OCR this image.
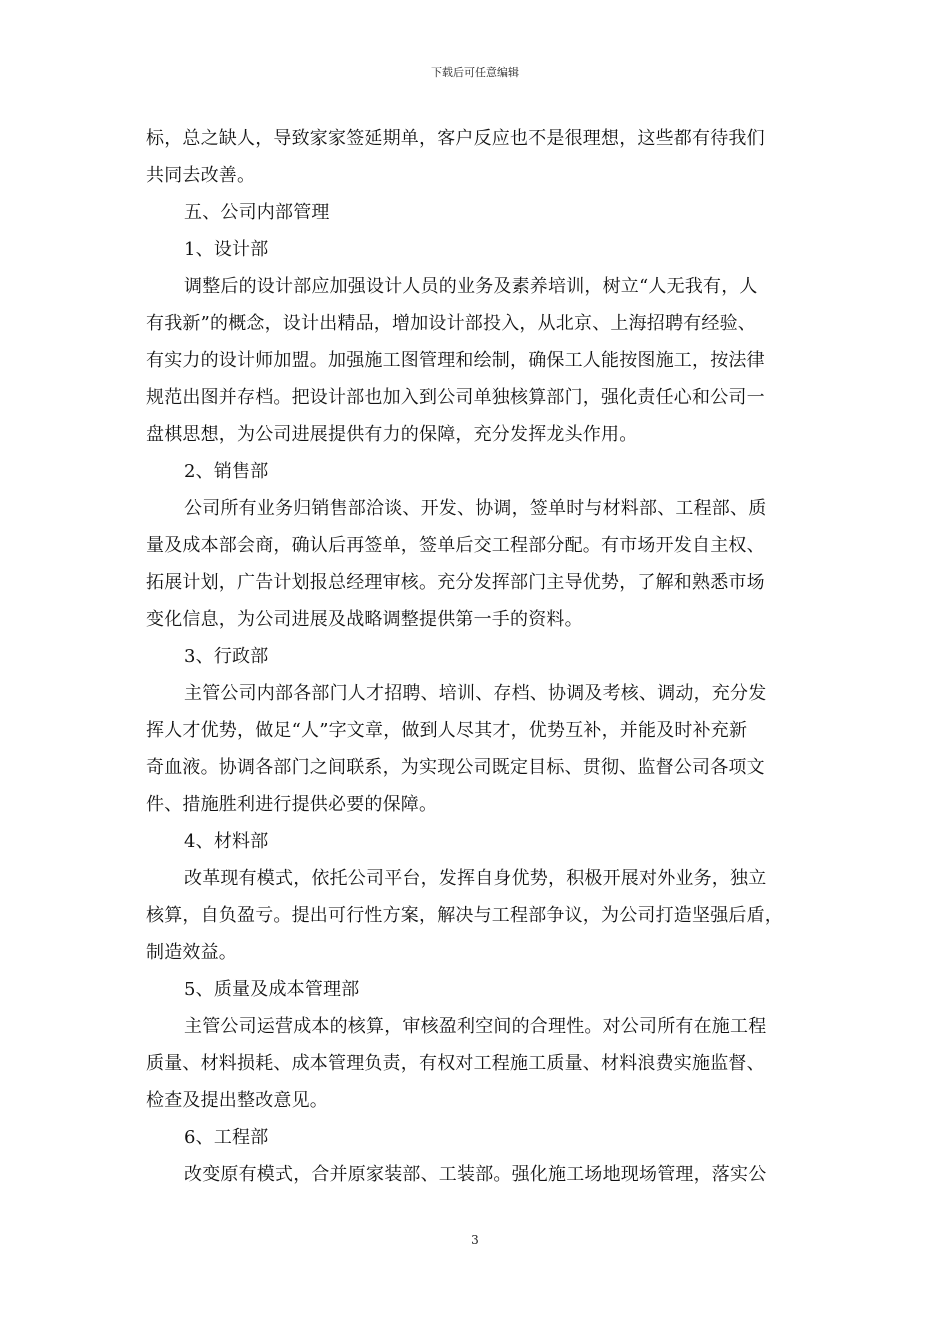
下载后可任意编辑
标，总之缺人，导致家家签延期单，客户反应也不是很理想，这些都有待我们
共同去改善。
五、公司内部管理
1、设计部
调整后的设计部应加强设计人员的业务及素养培训，树立“人无我有，人
有我新”的概念，设计出精品，增加设计部投入，从北京、上海招聘有经验、
有实力的设计师加盟。加强施工图管理和绘制，确保工人能按图施工，按法律
规范出图并存档。把设计部也加入到公司单独核算部门，强化责任心和公司一
盘棋思想，为公司进展提供有力的保障，充分发挥龙头作用。
2、销售部
公司所有业务归销售部洽谈、开发、协调，签单时与材料部、工程部、质
量及成本部会商，确认后再签单，签单后交工程部分配。有市场开发自主权、
拓展计划，广告计划报总经理审核。充分发挥部门主导优势，了解和熟悉市场
变化信息，为公司进展及战略调整提供第一手的资料。
3、行政部
主管公司内部各部门人才招聘、培训、存档、协调及考核、调动，充分发
挥人才优势，做足“人”字文章，做到人尽其才，优势互补，并能及时补充新
奇血液。协调各部门之间联系，为实现公司既定目标、贯彻、监督公司各项文
件、措施胜利进行提供必要的保障。
4、材料部
改革现有模式，依托公司平台，发挥自身优势，积极开展对外业务，独立
核算，自负盈亏。提出可行性方案，解决与工程部争议，为公司打造坚强后盾，
制造效益。
5、质量及成本管理部
主管公司运营成本的核算，审核盈利空间的合理性。对公司所有在施工程
质量、材料损耗、成本管理负责，有权对工程施工质量、材料浪费实施监督、
检查及提出整改意见。
6、工程部
改变原有模式，合并原家装部、工装部。强化施工场地现场管理，落实公
3
